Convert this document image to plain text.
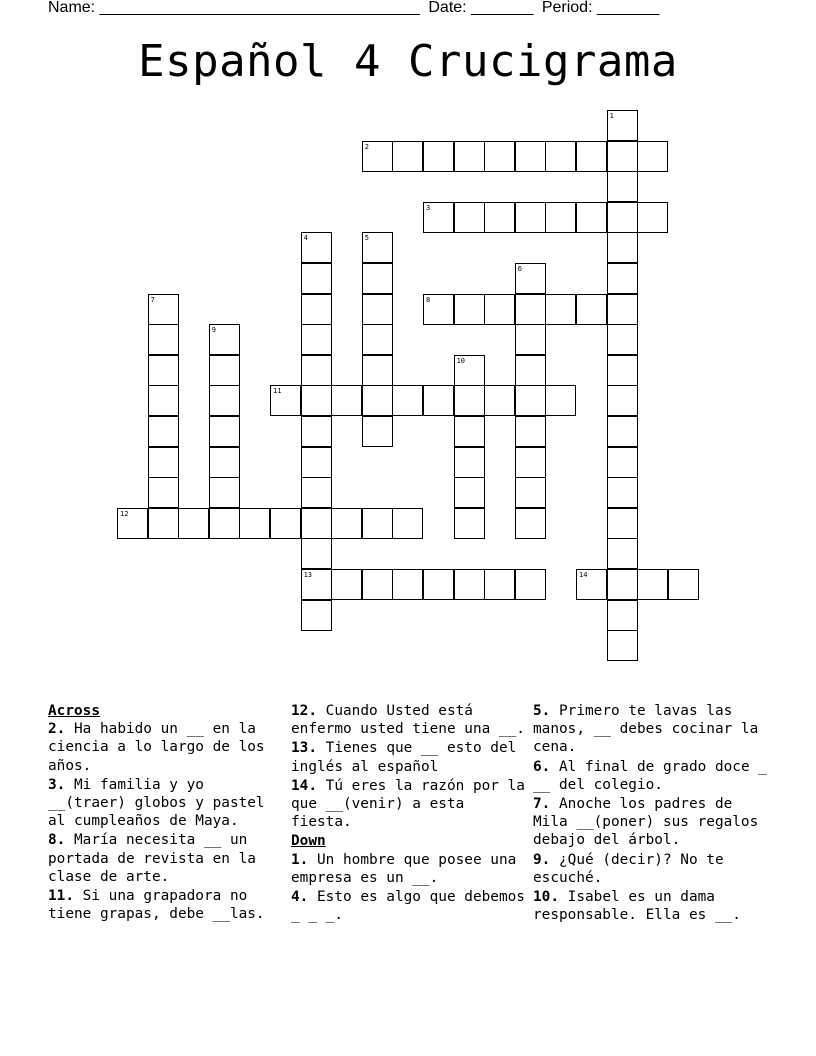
Name: ____________________________________ Date: _______ Period: _______
Español 4 Crucigrama
1
2
3
4
13
5
6
7	8
9
10
11
12
14
Across
2. Ha habido un __ en la ciencia a lo largo de los años.
3. Mi familia y yo __(traer) globos y pastel al cumpleaños de Maya.
8. María necesita __ un portada de revista en la clase de arte.
11. Si una grapadora no tiene grapas, debe __las.
12. Cuando Usted está enfermo usted tiene una __.
13. Tienes que __ esto del inglés al español
14. Tú eres la razón por la que __(venir) a esta fiesta.
Down
1. Un hombre que posee una empresa es un __.
4. Esto es algo que debemos _ _ _.
5. Primero te lavas las manos, __ debes cocinar la cena.
6. Al final de grado doce _ __ del colegio.
7. Anoche los padres de Mila __(poner) sus regalos debajo del árbol.
9. ¿Qué (decir)? No te escuché.
10. Isabel es un dama responsable. Ella es __.
